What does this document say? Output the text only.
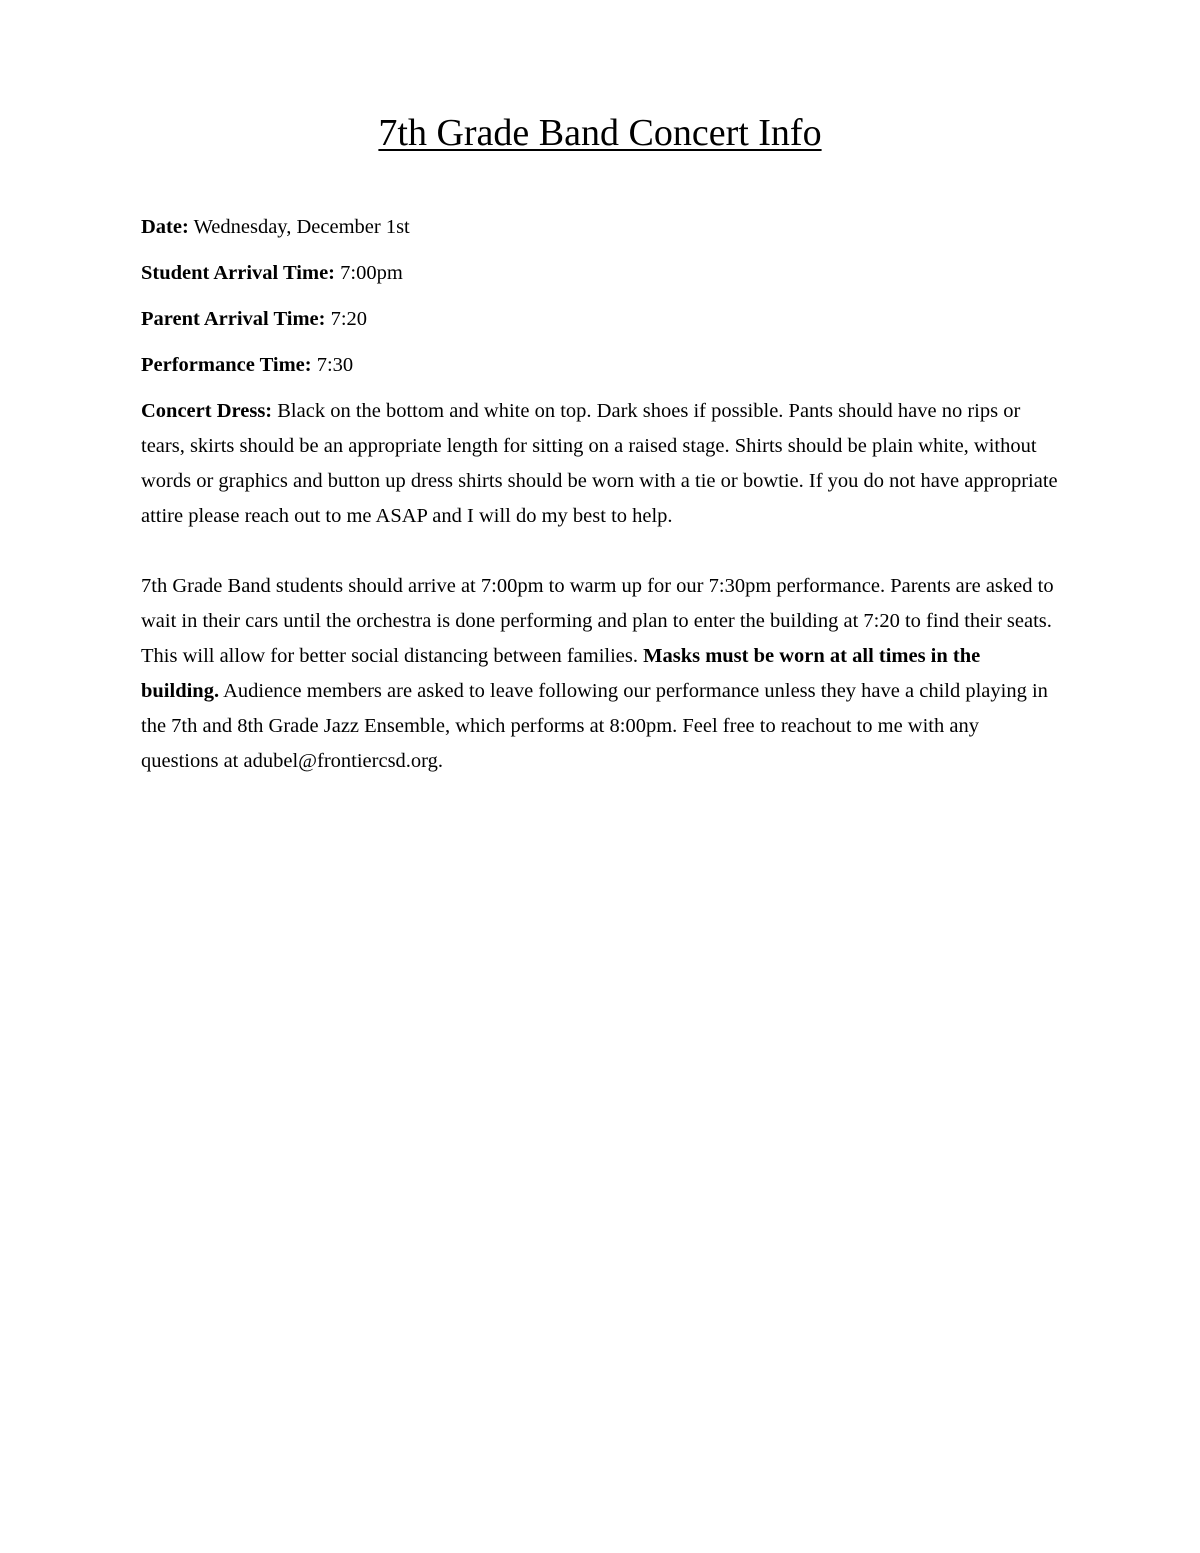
7th Grade Band Concert Info

Date: Wednesday, December 1st

Student Arrival Time: 7:00pm

Parent Arrival Time: 7:20

Performance Time: 7:30

Concert Dress: Black on the bottom and white on top. Dark shoes if possible. Pants should have no rips or tears, skirts should be an appropriate length for sitting on a raised stage. Shirts should be plain white, without words or graphics and button up dress shirts should be worn with a tie or bowtie. If you do not have appropriate attire please reach out to me ASAP and I will do my best to help.

7th Grade Band students should arrive at 7:00pm to warm up for our 7:30pm performance. Parents are asked to wait in their cars until the orchestra is done performing and plan to enter the building at 7:20 to find their seats. This will allow for better social distancing between families. Masks must be worn at all times in the building. Audience members are asked to leave following our performance unless they have a child playing in the 7th and 8th Grade Jazz Ensemble, which performs at 8:00pm. Feel free to reachout to me with any questions at adubel@frontiercsd.org.
